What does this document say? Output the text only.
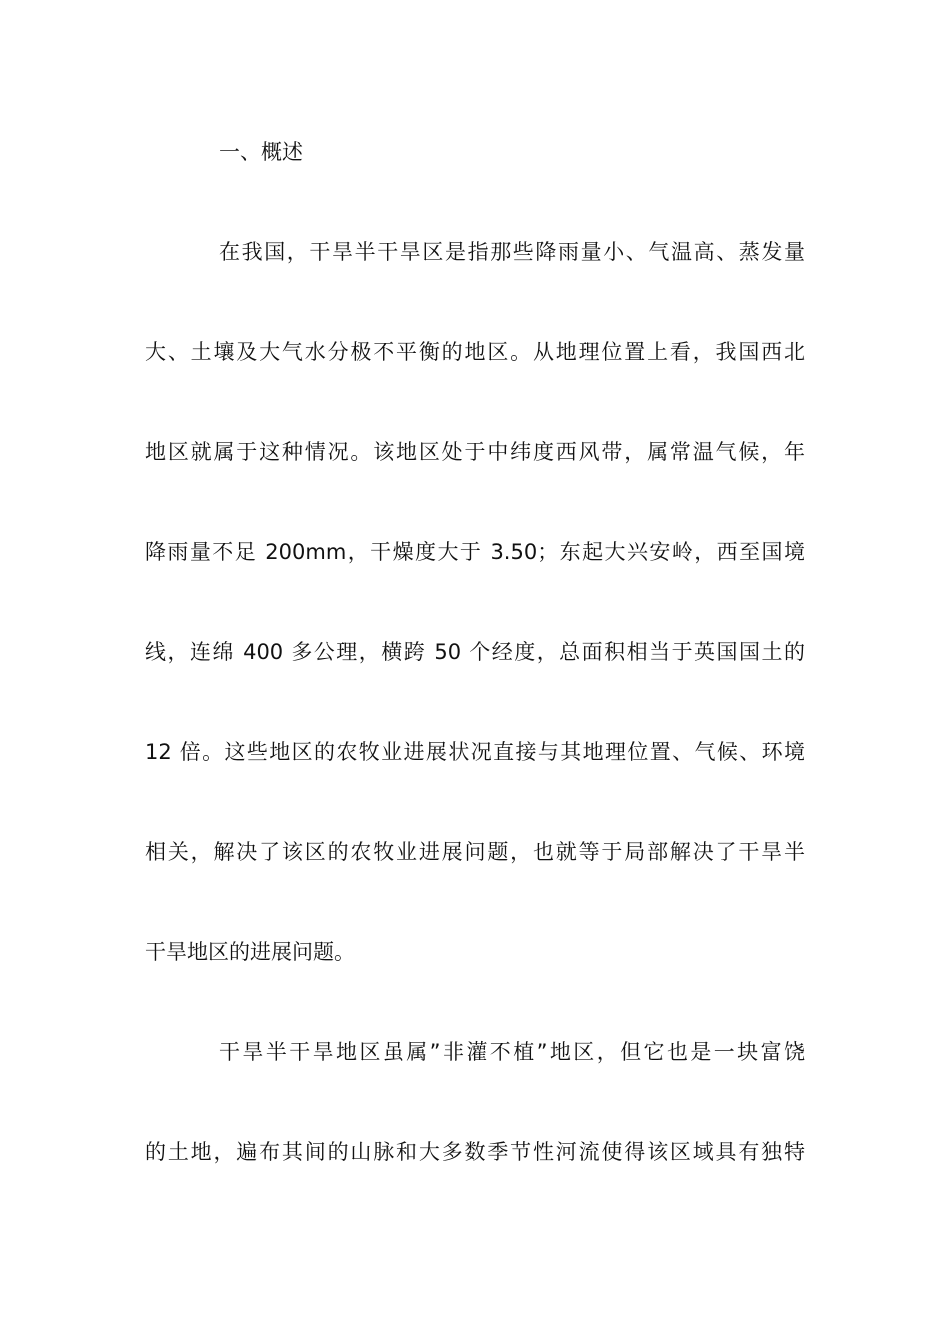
一、概述
在我国，干旱半干旱区是指那些降雨量小、气温高、蒸发量
大、土壤及大气水分极不平衡的地区。从地理位置上看，我国西北
地区就属于这种情况。该地区处于中纬度西风带，属常温气候，年
降雨量不足 200mm，干燥度大于 3.50；东起大兴安岭，西至国境
线，连绵 400 多公理，横跨 50 个经度，总面积相当于英国国土的
12 倍。这些地区的农牧业进展状况直接与其地理位置、气候、环境
相关，解决了该区的农牧业进展问题，也就等于局部解决了干旱半
干旱地区的进展问题。
干旱半干旱地区虽属”非灌不植”地区，但它也是一块富饶
的土地，遍布其间的山脉和大多数季节性河流使得该区域具有独特
